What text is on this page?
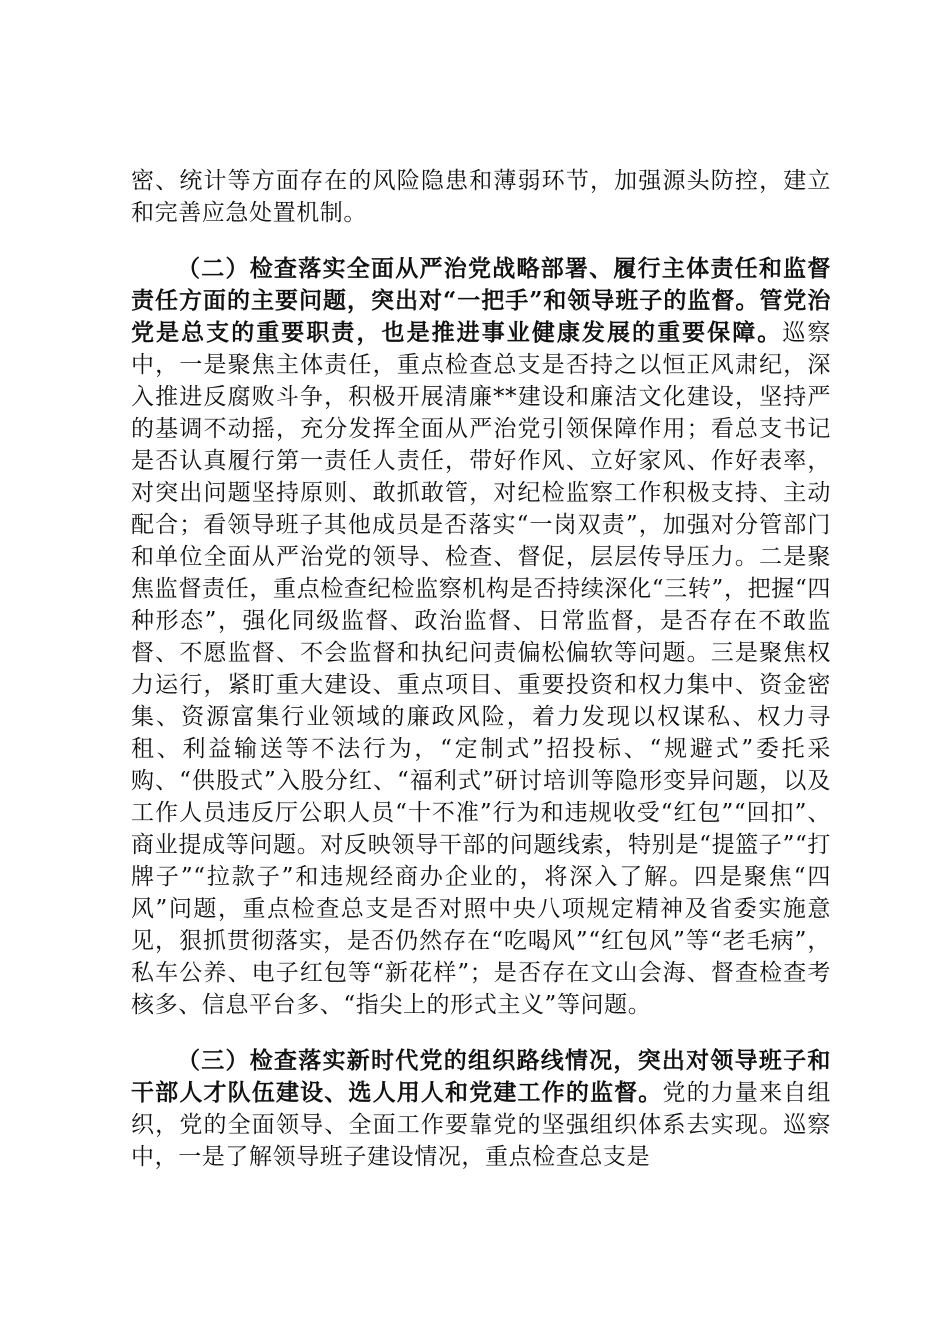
密、统计等方面存在的风险隐患和薄弱环节，加强源头防控，建立和完善应急处置机制。

（二）检查落实全面从严治党战略部署、履行主体责任和监督责任方面的主要问题，突出对“一把手”和领导班子的监督。管党治党是总支的重要职责，也是推进事业健康发展的重要保障。巡察中，一是聚焦主体责任，重点检查总支是否持之以恒正风肃纪，深入推进反腐败斗争，积极开展清廉**建设和廉洁文化建设，坚持严的基调不动摇，充分发挥全面从严治党引领保障作用；看总支书记是否认真履行第一责任人责任，带好作风、立好家风、作好表率，对突出问题坚持原则、敢抓敢管，对纪检监察工作积极支持、主动配合；看领导班子其他成员是否落实“一岗双责”，加强对分管部门和单位全面从严治党的领导、检查、督促，层层传导压力。二是聚焦监督责任，重点检查纪检监察机构是否持续深化“三转”，把握“四种形态”，强化同级监督、政治监督、日常监督，是否存在不敢监督、不愿监督、不会监督和执纪问责偏松偏软等问题。三是聚焦权力运行，紧盯重大建设、重点项目、重要投资和权力集中、资金密集、资源富集行业领域的廉政风险，着力发现以权谋私、权力寻租、利益输送等不法行为，“定制式”招投标、“规避式”委托采购、“供股式”入股分红、“福利式”研讨培训等隐形变异问题，以及工作人员违反厅公职人员“十不准”行为和违规收受“红包”“回扣”、商业提成等问题。对反映领导干部的问题线索，特别是“提篮子”“打牌子”“拉款子”和违规经商办企业的，将深入了解。四是聚焦“四风”问题，重点检查总支是否对照中央八项规定精神及省委实施意见，狠抓贯彻落实，是否仍然存在“吃喝风”“红包风”等“老毛病”，私车公养、电子红包等“新花样”；是否存在文山会海、督查检查考核多、信息平台多、“指尖上的形式主义”等问题。

（三）检查落实新时代党的组织路线情况，突出对领导班子和干部人才队伍建设、选人用人和党建工作的监督。党的力量来自组织，党的全面领导、全面工作要靠党的坚强组织体系去实现。巡察中，一是了解领导班子建设情况，重点检查总支是
